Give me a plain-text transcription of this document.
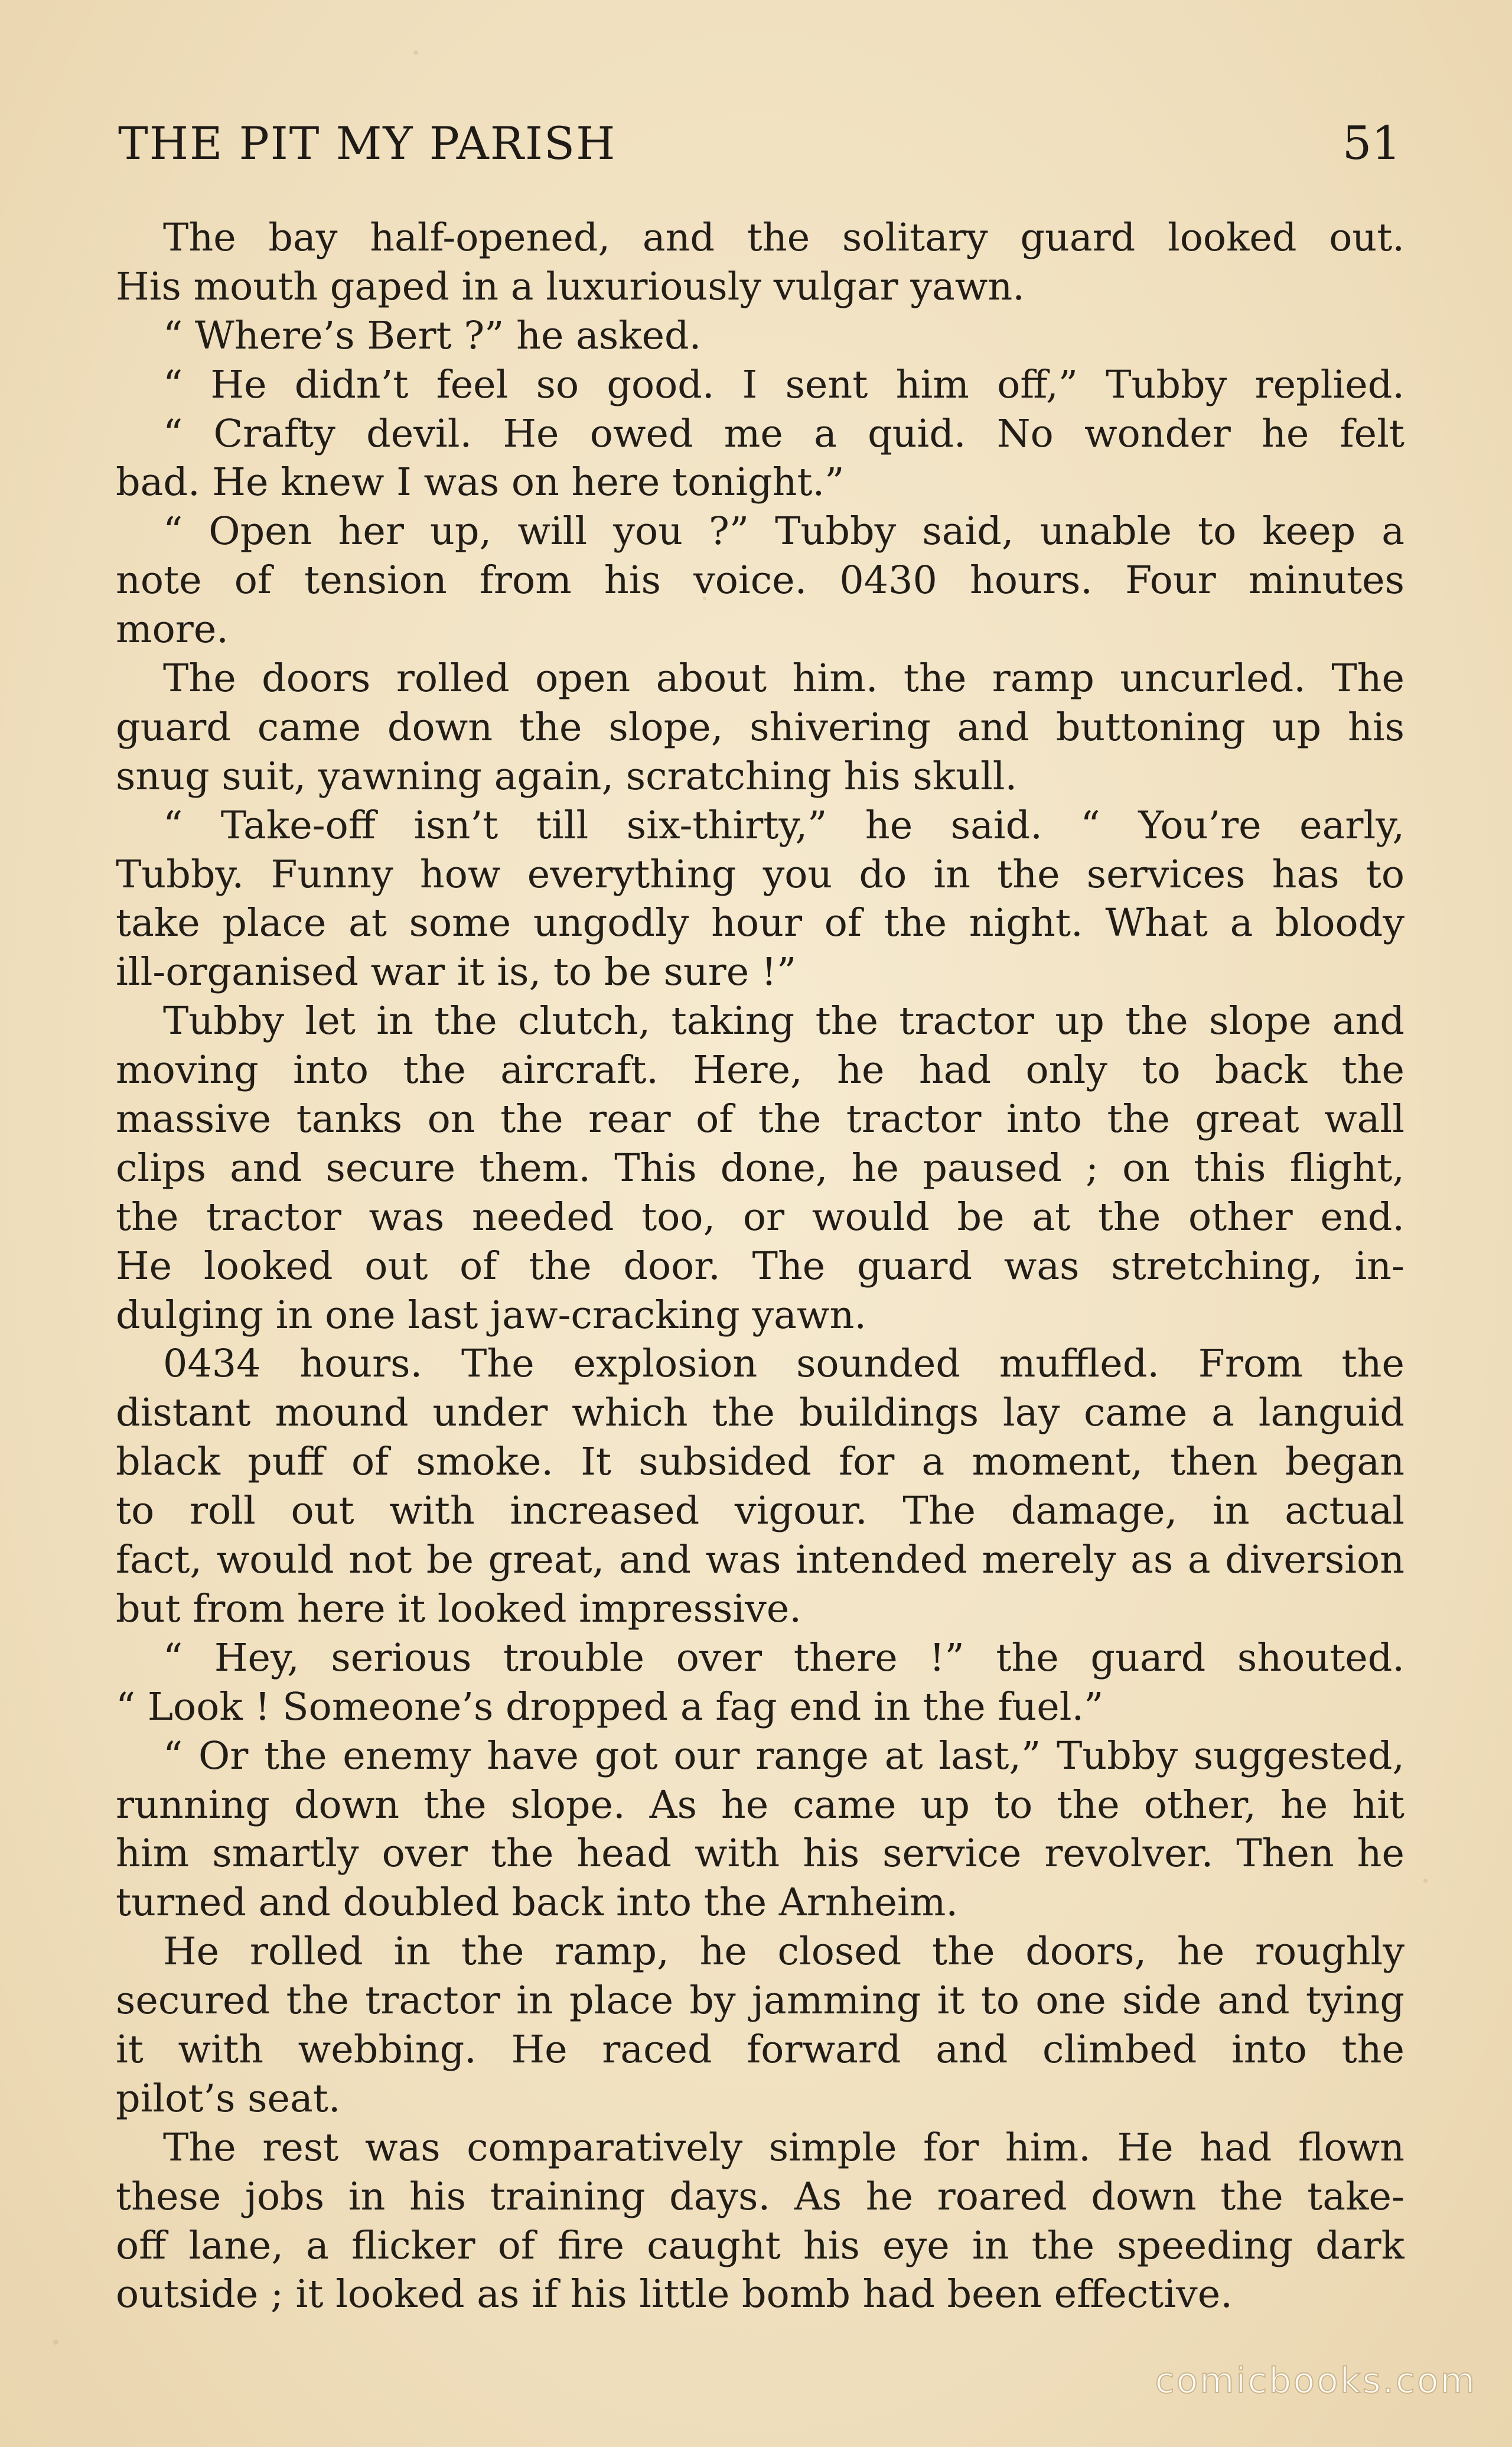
THE PIT MY PARISH	51
The bay half-opened, and the solitary guard looked out.
His mouth gaped in a luxuriously vulgar yawn.
“ Where’s Bert ?” he asked.
“ He didn’t feel so good. I sent him off,” Tubby replied.
“ Crafty devil. He owed me a quid. No wonder he felt
bad. He knew I was on here tonight.”
“ Open her up, will you ?” Tubby said, unable to keep a
note of tension from his voice. 0430 hours. Four minutes
more.
The doors rolled open about him. the ramp uncurled. The
guard came down the slope, shivering and buttoning up his
snug suit, yawning again, scratching his skull.
“ Take-off isn’t till six-thirty,” he said. “ You’re early,
Tubby. Funny how everything you do in the services has to
take place at some ungodly hour of the night. What a bloody
ill-organised war it is, to be sure !”
Tubby let in the clutch, taking the tractor up the slope and
moving into the aircraft. Here, he had only to back the
massive tanks on the rear of the tractor into the great wall
clips and secure them. This done, he paused ; on this flight,
the tractor was needed too, or would be at the other end.
He looked out of the door. The guard was stretching, in-
dulging in one last jaw-cracking yawn.
0434 hours. The explosion sounded muffled. From the
distant mound under which the buildings lay came a languid
black puff of smoke. It subsided for a moment, then began
to roll out with increased vigour. The damage, in actual
fact, would not be great, and was intended merely as a diversion
but from here it looked impressive.
“ Hey, serious trouble over there !” the guard shouted.
“ Look ! Someone’s dropped a fag end in the fuel.”
“ Or the enemy have got our range at last,” Tubby suggested,
running down the slope. As he came up to the other, he hit
him smartly over the head with his service revolver. Then he
turned and doubled back into the Arnheim.
He rolled in the ramp, he closed the doors, he roughly
secured the tractor in place by jamming it to one side and tying
it with webbing. He raced forward and climbed into the
pilot’s seat.
The rest was comparatively simple for him. He had flown
these jobs in his training days. As he roared down the take-
off lane, a flicker of fire caught his eye in the speeding dark
outside ; it looked as if his little bomb had been effective.
comicbooks.com
